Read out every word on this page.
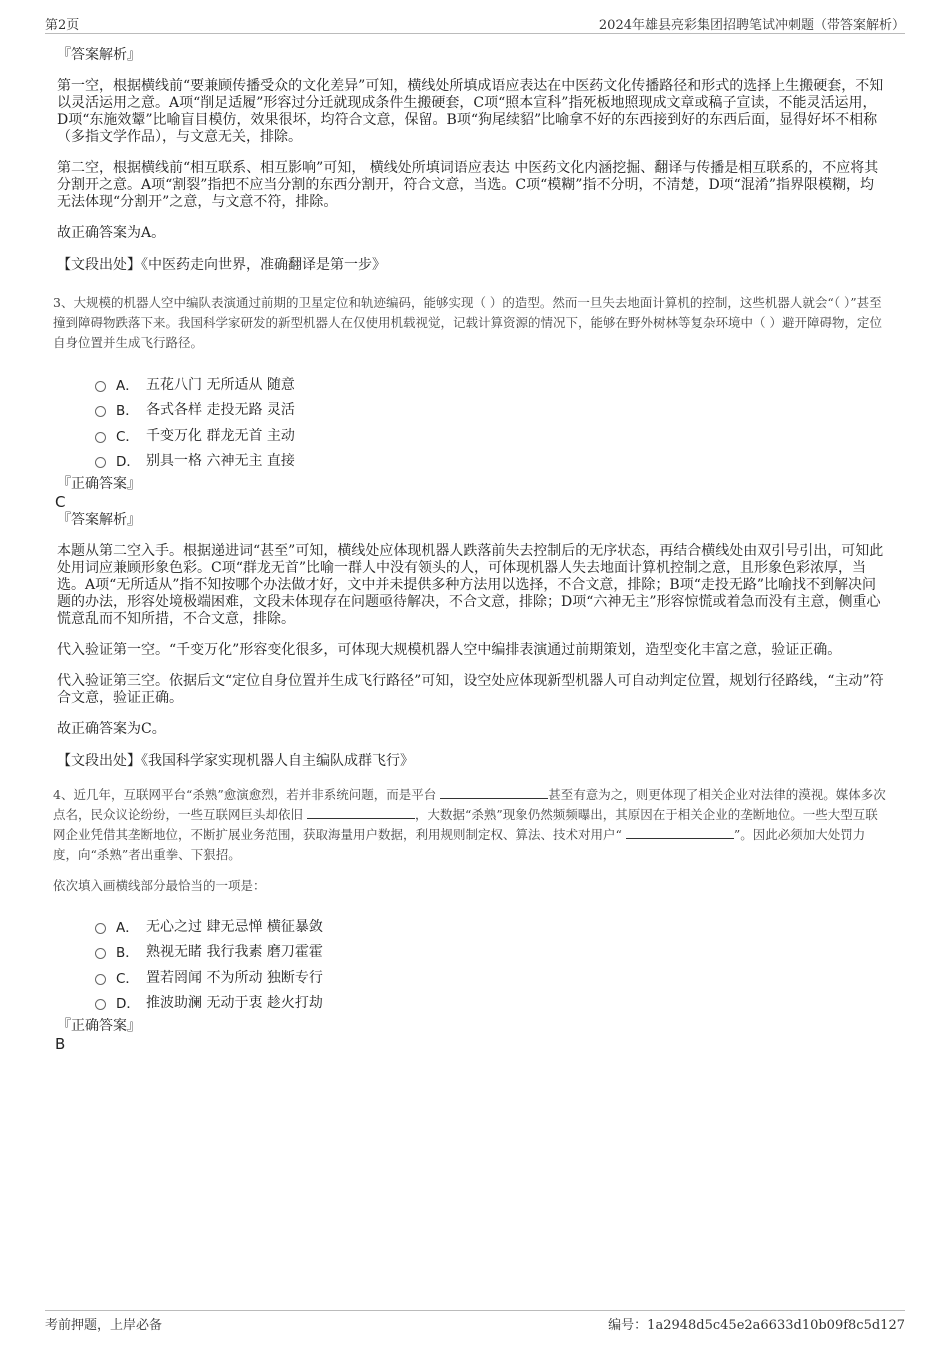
第2页	2024年雄县亮彩集团招聘笔试冲刺题（带答案解析）
『答案解析』
第一空，根据横线前“要兼顾传播受众的文化差异”可知，横线处所填成语应表达在中医药文化传播路径和形式的选择上生搬硬套，不知以灵活运用之意。A项“削足适履”形容过分迁就现成条件生搬硬套，C项“照本宣科”指死板地照现成文章或稿子宣读，不能灵活运用，D项“东施效颦”比喻盲目模仿，效果很坏，均符合文意，保留。B项“狗尾续貂”比喻拿不好的东西接到好的东西后面，显得好坏不相称（多指文学作品），与文意无关，排除。
第二空，根据横线前“相互联系、相互影响”可知， 横线处所填词语应表达 中医药文化内涵挖掘、翻译与传播是相互联系的，不应将其分割开之意。A项“割裂”指把不应当分割的东西分割开，符合文意，当选。C项“模糊”指不分明，不清楚，D项“混淆”指界限模糊，均无法体现“分割开”之意，与文意不符，排除。
故正确答案为A。
【文段出处】《中医药走向世界，准确翻译是第一步》
3、大规模的机器人空中编队表演通过前期的卫星定位和轨迹编码，能够实现（ ）的造型。然而一旦失去地面计算机的控制，这些机器人就会“（ ）”甚至撞到障碍物跌落下来。我国科学家研发的新型机器人在仅使用机载视觉，记载计算资源的情况下，能够在野外树林等复杂环境中（ ）避开障碍物，定位自身位置并生成飞行路径。
A． 五花八门 无所适从 随意
B． 各式各样 走投无路 灵活
C． 千变万化 群龙无首 主动
D． 别具一格 六神无主 直接
『正确答案』
C
『答案解析』
本题从第二空入手。根据递进词“甚至”可知，横线处应体现机器人跌落前失去控制后的无序状态，再结合横线处由双引号引出，可知此处用词应兼顾形象色彩。C项“群龙无首”比喻一群人中没有领头的人，可体现机器人失去地面计算机控制之意，且形象色彩浓厚，当选。A项“无所适从”指不知按哪个办法做才好，文中并未提供多种方法用以选择，不合文意，排除；B项“走投无路”比喻找不到解决问题的办法，形容处境极端困难，文段未体现存在问题亟待解决，不合文意，排除；D项“六神无主”形容惊慌或着急而没有主意，侧重心慌意乱而不知所措，不合文意，排除。
代入验证第一空。“千变万化”形容变化很多，可体现大规模机器人空中编排表演通过前期策划，造型变化丰富之意，验证正确。
代入验证第三空。依据后文“定位自身位置并生成飞行路径”可知，设空处应体现新型机器人可自动判定位置，规划行径路线，“主动”符合文意，验证正确。
故正确答案为C。
【文段出处】《我国科学家实现机器人自主编队成群飞行》
4、近几年，互联网平台“杀熟”愈演愈烈，若并非系统问题，而是平台	甚至有意为之，则更体现了相关企业对法律的漠视。媒体多次点名，民众议论纷纷，一些互联网巨头却依旧	，大数据“杀熟”现象仍然频频曝出，其原因在于相关企业的垄断地位。一些大型互联网企业凭借其垄断地位，不断扩展业务范围，获取海量用户数据，利用规则制定权、算法、技术对用户“	”。因此必须加大处罚力度，向“杀熟”者出重拳、下狠招。
依次填入画横线部分最恰当的一项是：
A． 无心之过 肆无忌惮 横征暴敛
B． 熟视无睹 我行我素 磨刀霍霍
C． 置若罔闻 不为所动 独断专行
D． 推波助澜 无动于衷 趁火打劫
『正确答案』
B
考前押题，上岸必备	编号：1a2948d5c45e2a6633d10b09f8c5d127
